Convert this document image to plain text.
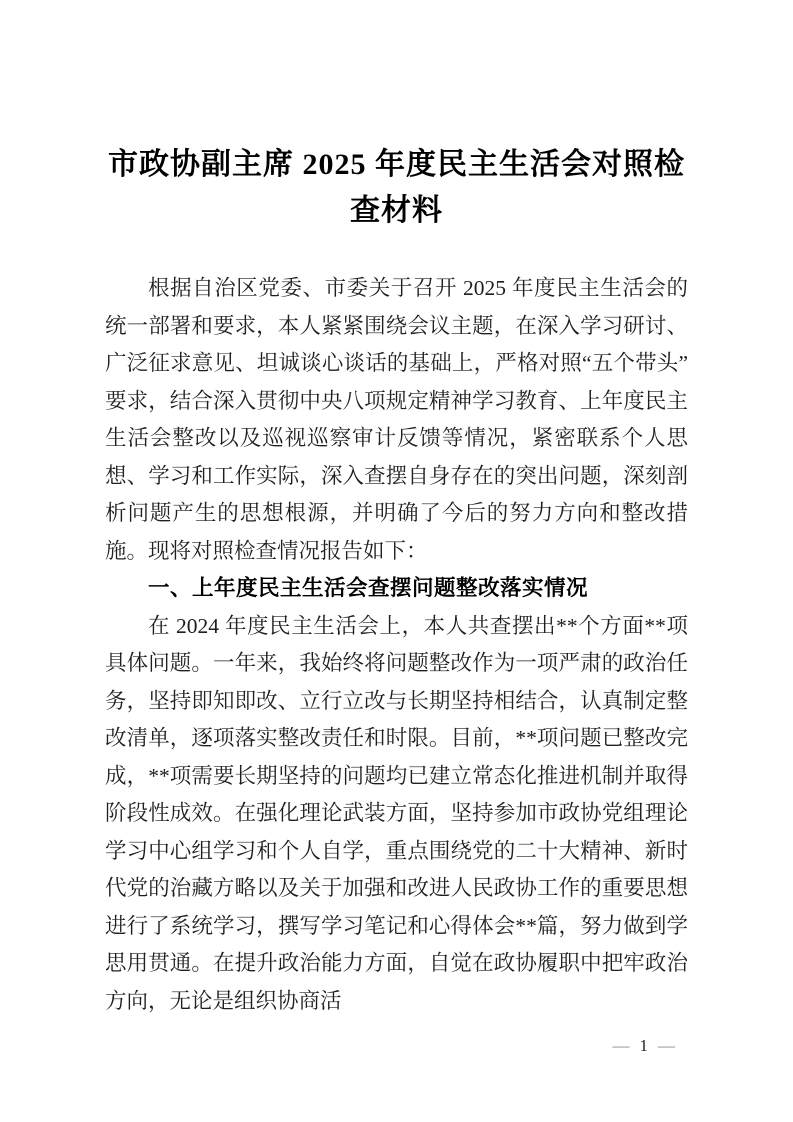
市政协副主席 2025 年度民主生活会对照检查材料

根据自治区党委、市委关于召开 2025 年度民主生活会的统一部署和要求，本人紧紧围绕会议主题，在深入学习研讨、广泛征求意见、坦诚谈心谈话的基础上，严格对照“五个带头”要求，结合深入贯彻中央八项规定精神学习教育、上年度民主生活会整改以及巡视巡察审计反馈等情况，紧密联系个人思想、学习和工作实际，深入查摆自身存在的突出问题，深刻剖析问题产生的思想根源，并明确了今后的努力方向和整改措施。现将对照检查情况报告如下：

一、上年度民主生活会查摆问题整改落实情况

在 2024 年度民主生活会上，本人共查摆出**个方面**项具体问题。一年来，我始终将问题整改作为一项严肃的政治任务，坚持即知即改、立行立改与长期坚持相结合，认真制定整改清单，逐项落实整改责任和时限。目前，**项问题已整改完成，**项需要长期坚持的问题均已建立常态化推进机制并取得阶段性成效。在强化理论武装方面，坚持参加市政协党组理论学习中心组学习和个人自学，重点围绕党的二十大精神、新时代党的治藏方略以及关于加强和改进人民政协工作的重要思想进行了系统学习，撰写学习笔记和心得体会**篇，努力做到学思用贯通。在提升政治能力方面，自觉在政协履职中把牢政治方向，无论是组织协商活

— 1 —
